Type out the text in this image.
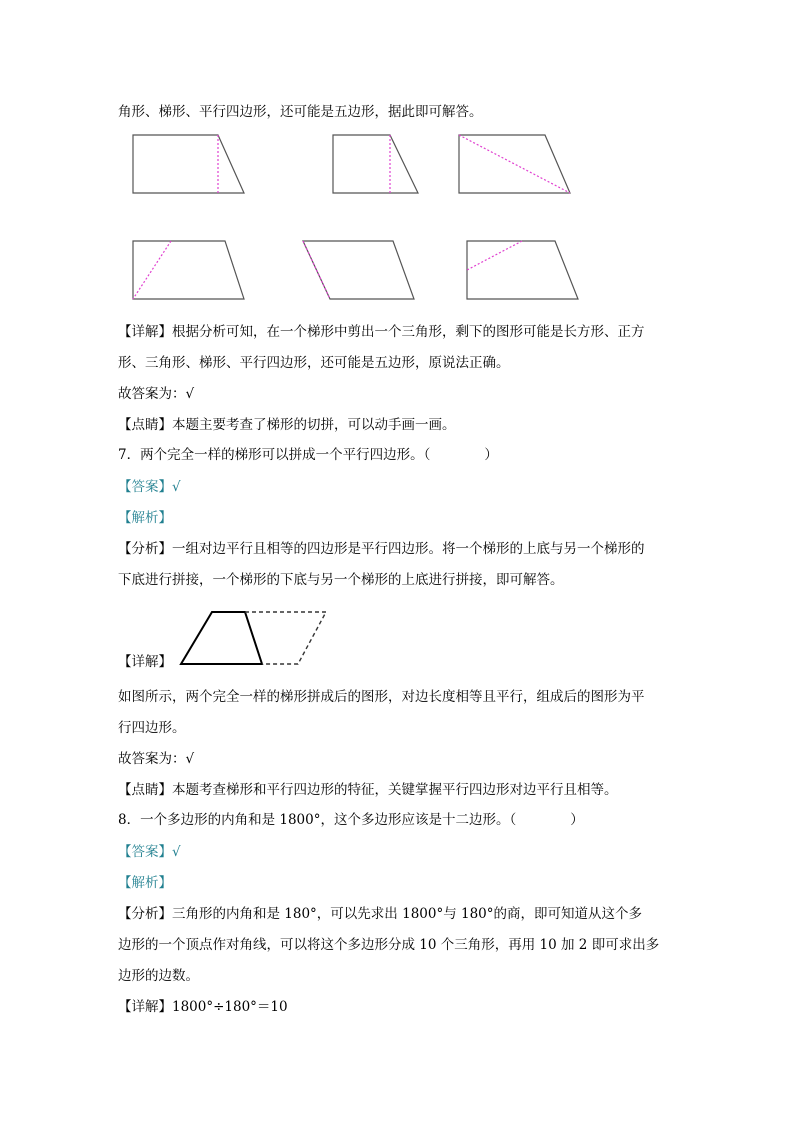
角形、梯形、平行四边形，还可能是五边形，据此即可解答。
【详解】根据分析可知，在一个梯形中剪出一个三角形，剩下的图形可能是长方形、正方
形、三角形、梯形、平行四边形，还可能是五边形，原说法正确。
故答案为：√
【点睛】本题主要考查了梯形的切拼，可以动手画一画。
7．两个完全一样的梯形可以拼成一个平行四边形。（　　　　）
【答案】√
【解析】
【分析】一组对边平行且相等的四边形是平行四边形。将一个梯形的上底与另一个梯形的
下底进行拼接，一个梯形的下底与另一个梯形的上底进行拼接，即可解答。
【详解】
如图所示，两个完全一样的梯形拼成后的图形，对边长度相等且平行，组成后的图形为平
行四边形。
故答案为：√
【点睛】本题考查梯形和平行四边形的特征，关键掌握平行四边形对边平行且相等。
8．一个多边形的内角和是 1800°，这个多边形应该是十二边形。（　　　　）
【答案】√
【解析】
【分析】三角形的内角和是 180°，可以先求出 1800°与 180°的商，即可知道从这个多
边形的一个顶点作对角线，可以将这个多边形分成 10 个三角形，再用 10 加 2 即可求出多
边形的边数。
【详解】1800°÷180°＝10
